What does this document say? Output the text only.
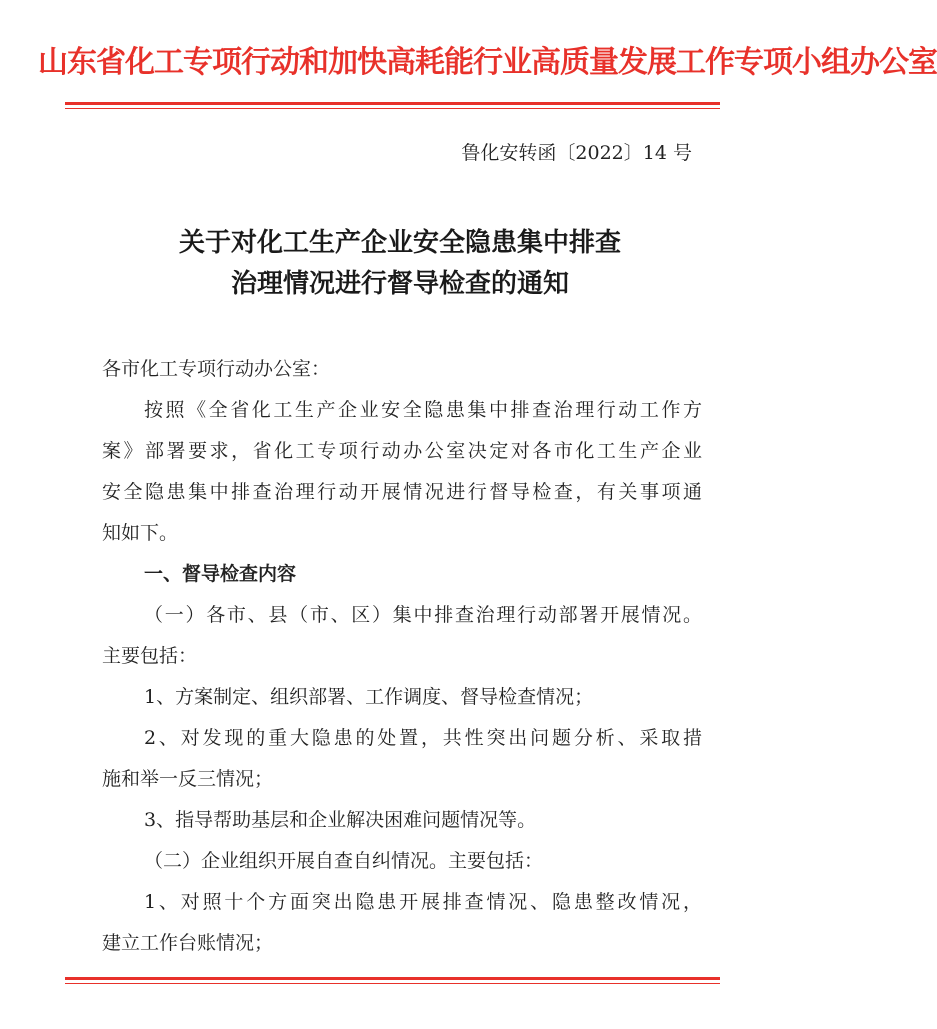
山东省化工专项行动和加快高耗能行业高质量发展工作专项小组办公室
鲁化安转函〔2022〕14 号
关于对化工生产企业安全隐患集中排查
治理情况进行督导检查的通知
各市化工专项行动办公室：
按照《全省化工生产企业安全隐患集中排查治理行动工作方
案》部署要求，省化工专项行动办公室决定对各市化工生产企业
安全隐患集中排查治理行动开展情况进行督导检查，有关事项通
知如下。
一、督导检查内容
（一）各市、县（市、区）集中排查治理行动部署开展情况。
主要包括：
1、方案制定、组织部署、工作调度、督导检查情况；
2、对发现的重大隐患的处置，共性突出问题分析、采取措
施和举一反三情况；
3、指导帮助基层和企业解决困难问题情况等。
（二）企业组织开展自查自纠情况。主要包括：
1、对照十个方面突出隐患开展排查情况、隐患整改情况，
建立工作台账情况；
